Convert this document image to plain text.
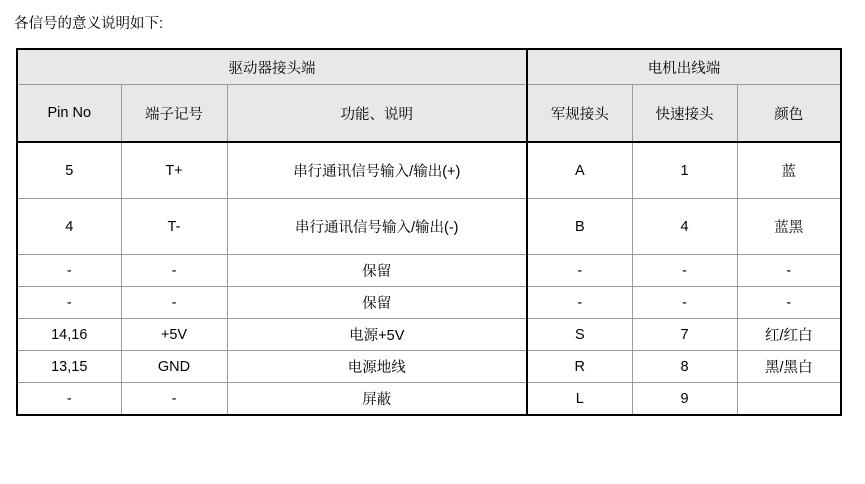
各信号的意义说明如下:
驱动器接头端			电机出线端		
Pin No	端子记号	功能、说明	军规接头	快速接头	颜色
5	T+	串行通讯信号输入/输出(+)	A	1	蓝
4	T-	串行通讯信号输入/输出(-)	B	4	蓝黑
-	-	保留	-	-	-
-	-	保留	-	-	-
14,16	+5V	电源+5V	S	7	红/红白
13,15	GND	电源地线	R	8	黑/黑白
-	-	屏蔽	L	9	
